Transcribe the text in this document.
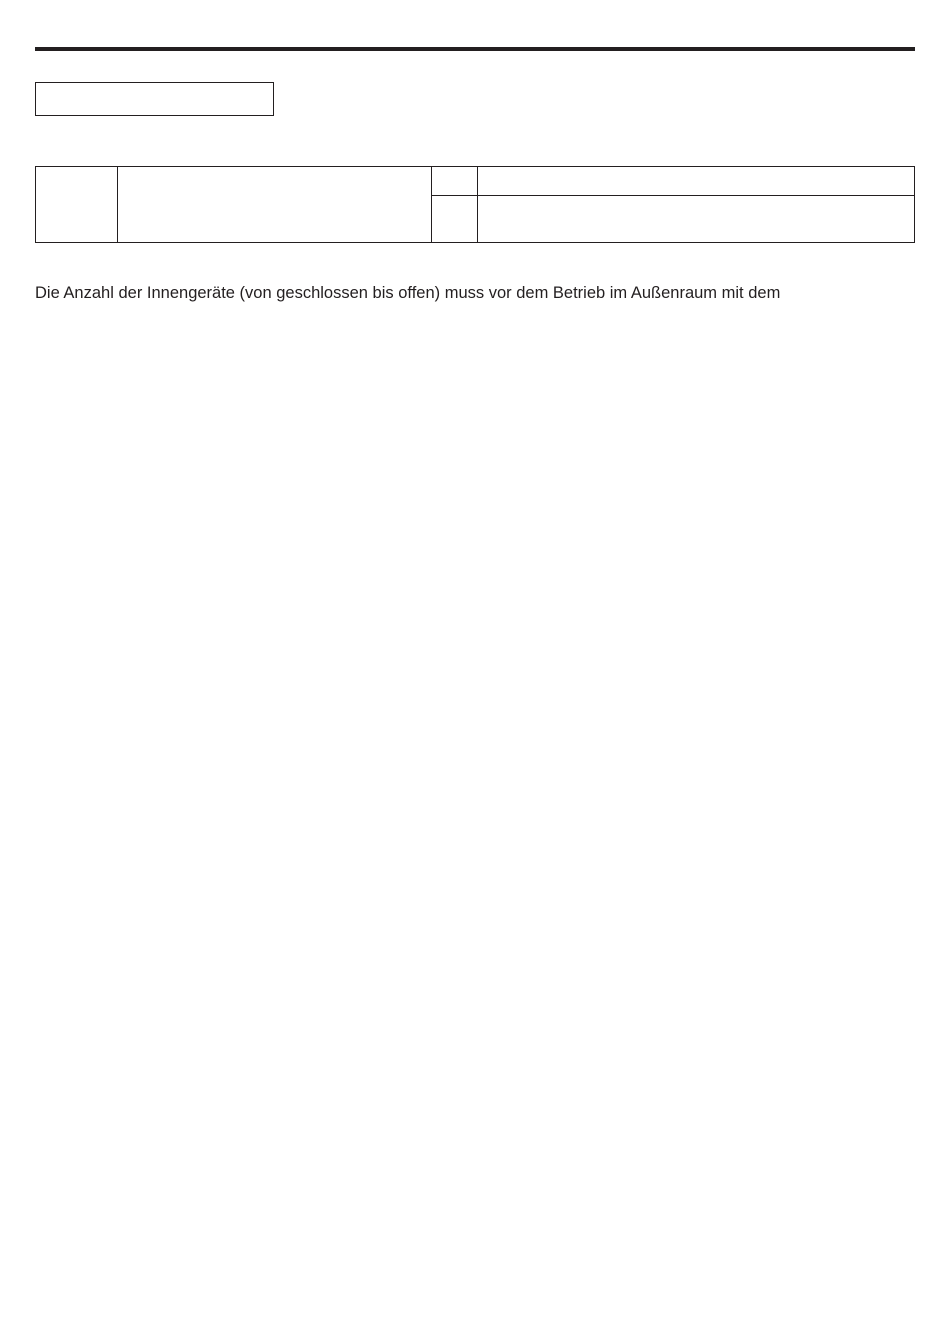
Die Anzahl der Innengeräte (von geschlossen bis offen) muss vor dem Betrieb im Außenraum mit dem
